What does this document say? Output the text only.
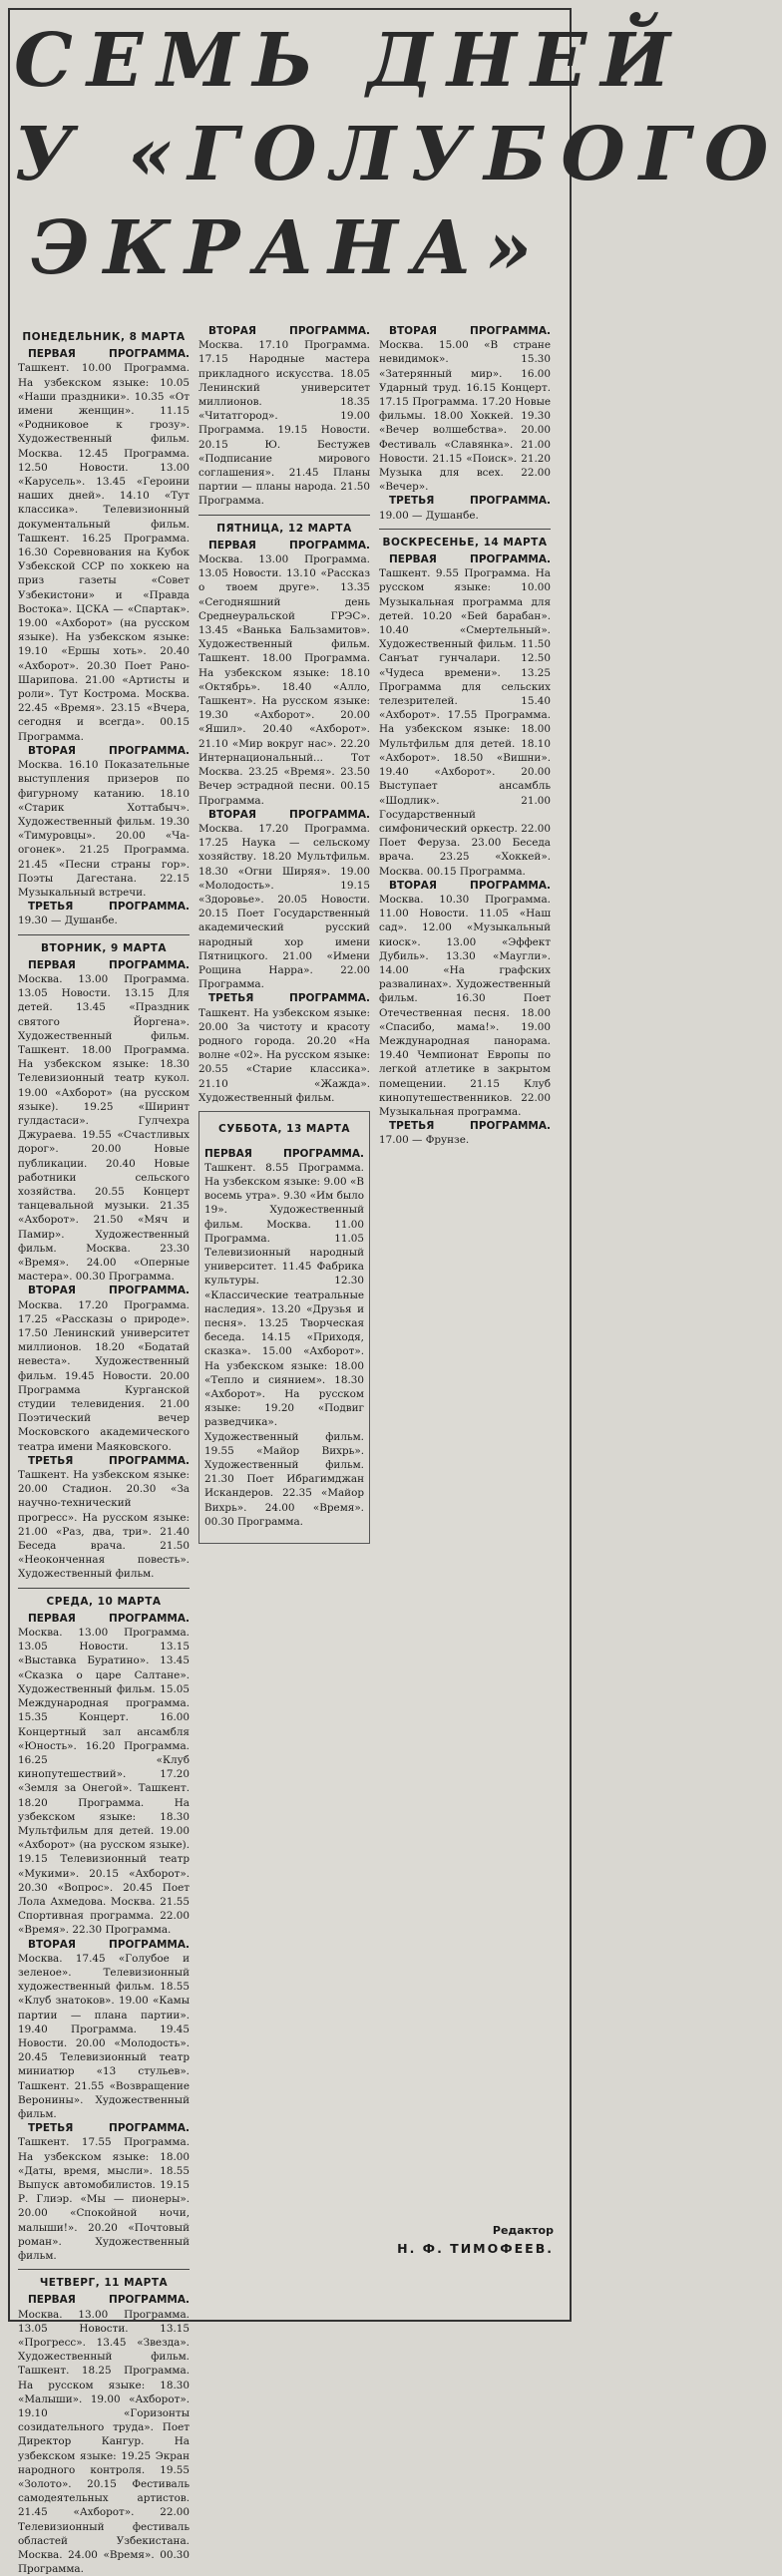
СЕМЬ ДНЕЙ
У «ГОЛУБОГО
ЭКРАНА»
ПОНЕДЕЛЬНИК, 8 МАРТА

ПЕРВАЯ ПРОГРАММА. Ташкент. 10.00 Программа. На узбекском языке: 10.05 «Наши праздники». 10.35 «От имени женщин». 11.15 «Родниковое к грозу». Художественный фильм. Москва. 12.45 Программа. 12.50 Новости. 13.00 «Карусель». 13.45 «Героини наших дней». 14.10 «Тут классика». Телевизионный документальный фильм. Ташкент. 16.25 Программа. 16.30 Соревнования на Кубок Узбекской ССР по хоккею на приз газеты «Совет Узбекистони» и «Правда Востока». ЦСКА — «Спартак». 19.00 «Ахборот» (на русском языке). На узбекском языке: 19.10 «Ершы хоть». 20.40 «Ахборот». 20.30 Поет Рано-Шарипова. 21.00 «Артисты и роли». Тут Кострома. Москва. 22.45 «Время». 23.15 «Вчера, сегодня и всегда». 00.15 Программа.

ВТОРАЯ ПРОГРАММА. Москва. 16.10 Показательные выступления призеров по фигурному катанию. 18.10 «Старик Хоттабыч». Художественный фильм. 19.30 «Тимуровцы». 20.00 «Ча-огонек». 21.25 Программа. 21.45 «Песни страны гор». Поэты Дагестана. 22.15 Музыкальный встречи.

ТРЕТЬЯ ПРОГРАММА. 19.30 — Душанбе.

ВТОРНИК, 9 МАРТА

ПЕРВАЯ ПРОГРАММА. Москва. 13.00 Программа. 13.05 Новости. 13.15 Для детей. 13.45 «Праздник святого Йоргена». Художественный фильм. Ташкент. 18.00 Программа. На узбекском языке: 18.30 Телевизионный театр кукол. 19.00 «Ахборот» (на русском языке). 19.25 «Ширинт гулдастаси». Гулчехра Джураева. 19.55 «Счастливых дорог». 20.00 Новые публикации. 20.40 Новые работники сельского хозяйства. 20.55 Концерт танцевальной музыки. 21.35 «Ахборот». 21.50 «Мяч и Памир». Художественный фильм. Москва. 23.30 «Время». 24.00 «Оперные мастера». 00.30 Программа.

ВТОРАЯ ПРОГРАММА. Москва. 17.20 Программа. 17.25 «Рассказы о природе». 17.50 Ленинский университет миллионов. 18.20 «Бодатай невеста». Художественный фильм. 19.45 Новости. 20.00 Программа Курганской студии телевидения. 21.00 Поэтический вечер Московского академического театра имени Маяковского.

ТРЕТЬЯ ПРОГРАММА. Ташкент. На узбекском языке: 20.00 Стадион. 20.30 «За научно-технический прогресс». На русском языке: 21.00 «Раз, два, три». 21.40 Беседа врача. 21.50 «Неоконченная повесть». Художественный фильм.

СРЕДА, 10 МАРТА

ПЕРВАЯ ПРОГРАММА. Москва. 13.00 Программа. 13.05 Новости. 13.15 «Выставка Буратино». 13.45 «Сказка о царе Салтане». Художественный фильм. 15.05 Международная программа. 15.35 Концерт. 16.00 Концертный зал ансамбля «Юность». 16.20 Программа. 16.25 «Клуб кинопутешествий». 17.20 «Земля за Онегой». Ташкент. 18.20 Программа. На узбекском языке: 18.30 Мультфильм для детей. 19.00 «Ахборот» (на русском языке). 19.15 Телевизионный театр «Мукими». 20.15 «Ахборот». 20.30 «Вопрос». 20.45 Поет Лола Ахмедова. Москва. 21.55 Спортивная программа. 22.00 «Время». 22.30 Программа.

ВТОРАЯ ПРОГРАММА. Москва. 17.45 «Голубое и зеленое». Телевизионный художественный фильм. 18.55 «Клуб знатоков». 19.00 «Камы партии — плана партии». 19.40 Программа. 19.45 Новости. 20.00 «Молодость». 20.45 Телевизионный театр миниатюр «13 стульев». Ташкент. 21.55 «Возвращение Веронины». Художественный фильм.

ТРЕТЬЯ ПРОГРАММА. Ташкент. 17.55 Программа. На узбекском языке: 18.00 «Даты, время, мысли». 18.55 Выпуск автомобилистов. 19.15 Р. Глиэр. «Мы — пионеры». 20.00 «Спокойной ночи, малыши!». 20.20 «Почтовый роман». Художественный фильм.

ЧЕТВЕРГ, 11 МАРТА

ПЕРВАЯ ПРОГРАММА. Москва. 13.00 Программа. 13.05 Новости. 13.15 «Прогресс». 13.45 «Звезда». Художественный фильм. Ташкент. 18.25 Программа. На русском языке: 18.30 «Малыши». 19.00 «Ахборот». 19.10 «Горизонты созидательного труда». Поет Директор Кангур. На узбекском языке: 19.25 Экран народного контроля. 19.55 «Золото». 20.15 Фестиваль самодеятельных артистов. 21.45 «Ахборот». 22.00 Телевизионный фестиваль областей Узбекистана. Москва. 24.00 «Время». 00.30 Программа.

ВТОРАЯ ПРОГРАММА. Москва. 17.10 Программа. 17.15 Народные мастера прикладного искусства. 18.05 Ленинский университет миллионов. 18.35 «Читатгород». 19.00 Программа. 19.15 Новости. 20.15 Ю. Бестужев «Подписание мирового соглашения». 21.45 Планы партии — планы народа. 21.50 Программа.

ПЯТНИЦА, 12 МАРТА

ПЕРВАЯ ПРОГРАММА. Москва. 13.00 Программа. 13.05 Новости. 13.10 «Рассказ о твоем друге». 13.35 «Сегодняшний день Среднеуральской ГРЭС». 13.45 «Ванька Бальзамитов». Художественный фильм. Ташкент. 18.00 Программа. На узбекском языке: 18.10 «Октябрь». 18.40 «Алло, Ташкент». На русском языке: 19.30 «Ахборот». 20.00 «Яшил». 20.40 «Ахборот». 21.10 «Мир вокруг нас». 22.20 Интернациональный... Тот Москва. 23.25 «Время». 23.50 Вечер эстрадной песни. 00.15 Программа.

ВТОРАЯ ПРОГРАММА. Москва. 17.20 Программа. 17.25 Наука — сельскому хозяйству. 18.20 Мультфильм. 18.30 «Огни Ширяя». 19.00 «Молодость». 19.15 «Здоровье». 20.05 Новости. 20.15 Поет Государственный академический русский народный хор имени Пятницкого. 21.00 «Имени Рощина Нарра». 22.00 Программа.

ТРЕТЬЯ ПРОГРАММА. Ташкент. На узбекском языке: 20.00 За чистоту и красоту родного города. 20.20 «На волне «02». На русском языке: 20.55 «Старие классика». 21.10 «Жажда». Художественный фильм.

СУББОТА, 13 МАРТА

ПЕРВАЯ ПРОГРАММА. Ташкент. 8.55 Программа. На узбекском языке: 9.00 «В восемь утра». 9.30 «Им было 19». Художественный фильм. Москва. 11.00 Программа. 11.05 Телевизионный народный университет. 11.45 Фабрика культуры. 12.30 «Классические театральные наследия». 13.20 «Друзья и песня». 13.25 Творческая беседа. 14.15 «Приходя, сказка». 15.00 «Ахборот». На узбекском языке: 18.00 «Тепло и сиянием». 18.30 «Ахборот». На русском языке: 19.20 «Подвиг разведчика». Художественный фильм. 19.55 «Майор Вихрь». Художественный фильм. 21.30 Поет Ибрагимджан Искандеров. 22.35 «Майор Вихрь». 24.00 «Время». 00.30 Программа.

ВТОРАЯ ПРОГРАММА. Москва. 15.00 «В стране невидимок». 15.30 «Затерянный мир». 16.00 Ударный труд. 16.15 Концерт. 17.15 Программа. 17.20 Новые фильмы. 18.00 Хоккей. 19.30 «Вечер волшебства». 20.00 Фестиваль «Славянка». 21.00 Новости. 21.15 «Поиск». 21.20 Музыка для всех. 22.00 «Вечер».

ТРЕТЬЯ ПРОГРАММА. 19.00 — Душанбе.

ВОСКРЕСЕНЬЕ, 14 МАРТА

ПЕРВАЯ ПРОГРАММА. Ташкент. 9.55 Программа. На русском языке: 10.00 Музыкальная программа для детей. 10.20 «Бей барабан». 10.40 «Смертельный». Художественный фильм. 11.50 Санъат гунчалари. 12.50 «Чудеса времени». 13.25 Программа для сельских телезрителей. 15.40 «Ахборот». 17.55 Программа. На узбекском языке: 18.00 Мультфильм для детей. 18.10 «Ахборот». 18.50 «Вишни». 19.40 «Ахборот». 20.00 Выступает ансамбль «Шодлик». 21.00 Государственный симфонический оркестр. 22.00 Поет Феруза. 23.00 Беседа врача. 23.25 «Хоккей». Москва. 00.15 Программа.

ВТОРАЯ ПРОГРАММА. Москва. 10.30 Программа. 11.00 Новости. 11.05 «Наш сад». 12.00 «Музыкальный киоск». 13.00 «Эффект Дубиль». 13.30 «Маугли». 14.00 «На графских развалинах». Художественный фильм. 16.30 Поет Отечественная песня. 18.00 «Спасибо, мама!». 19.00 Международная панорама. 19.40 Чемпионат Европы по легкой атлетике в закрытом помещении. 21.15 Клуб кинопутешественников. 22.00 Музыкальная программа.

ТРЕТЬЯ ПРОГРАММА. 17.00 — Фрунзе.

Редактор
Н. Ф. ТИМОФЕЕВ.
